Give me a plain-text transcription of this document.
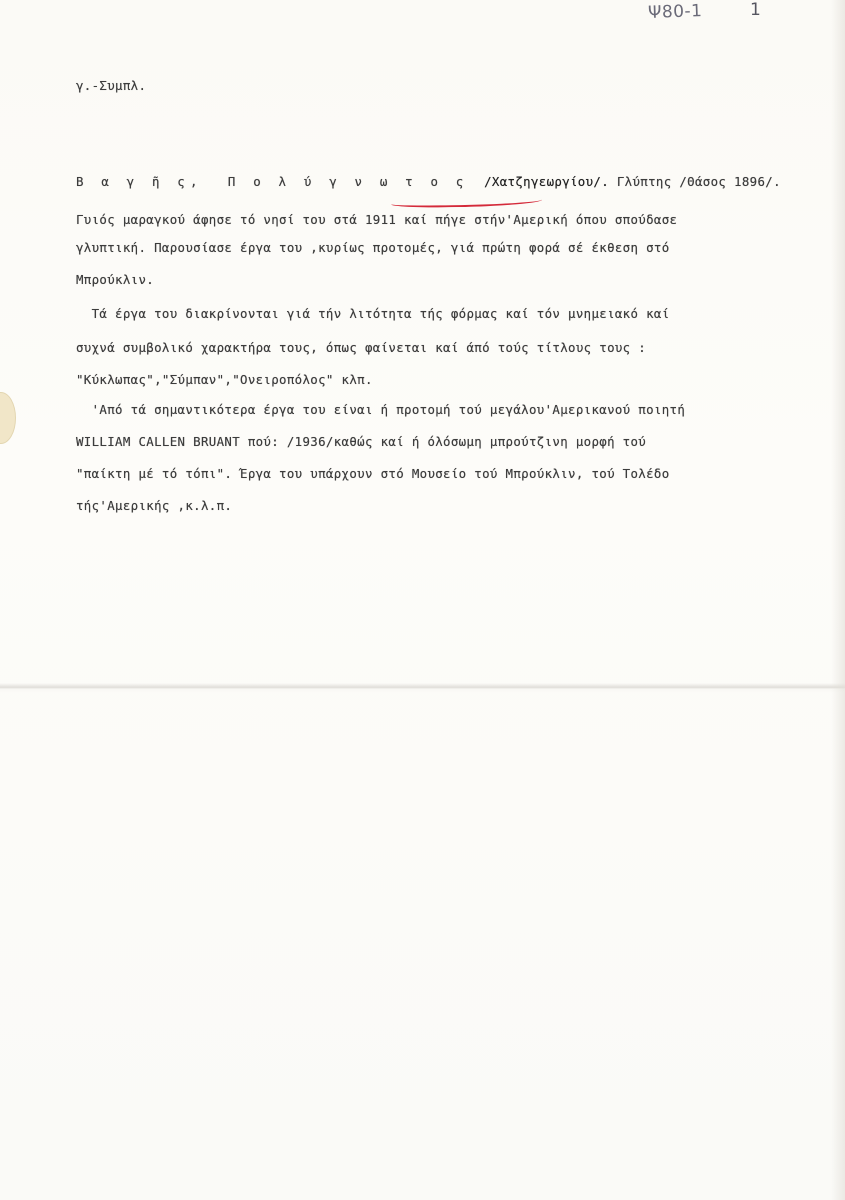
Ψ80-1	1
γ.-Συμπλ.
Β α γ ῆ ς,  Π ο λ ύ γ ν ω τ ο ς /Χατζηγεωργίου/. Γλύπτης /Θάσος 1896/.
Γυιός μαραγκού άφησε τό νησί του στά 1911 καί πήγε στήν'Αμερική όπου σπούδασε
γλυπτική. Παρουσίασε έργα του ,κυρίως προτομές, γιά πρώτη φορά σέ έκθεση στό
Μπρούκλιν.
Τά έργα του διακρίνονται γιά τήν λιτότητα τής φόρμας καί τόν μνημειακό καί
συχνά συμβολικό χαρακτήρα τους, όπως φαίνεται καί άπό τούς τίτλους τους :
"Κύκλωπας","Σύμπαν","Ονειροπόλος" κλπ.
'Από τά σημαντικότερα έργα του είναι ή προτομή τού μεγάλου'Αμερικανού ποιητή
WILLIAM CALLEN BRUANT πού: /1936/καθώς καί ή όλόσωμη μπρούτζινη μορφή τού
"παίκτη μέ τό τόπι". Έργα του υπάρχουν στό Μουσείο τού Μπρούκλιν, τού Τολέδο
τής'Αμερικής ,κ.λ.π.
